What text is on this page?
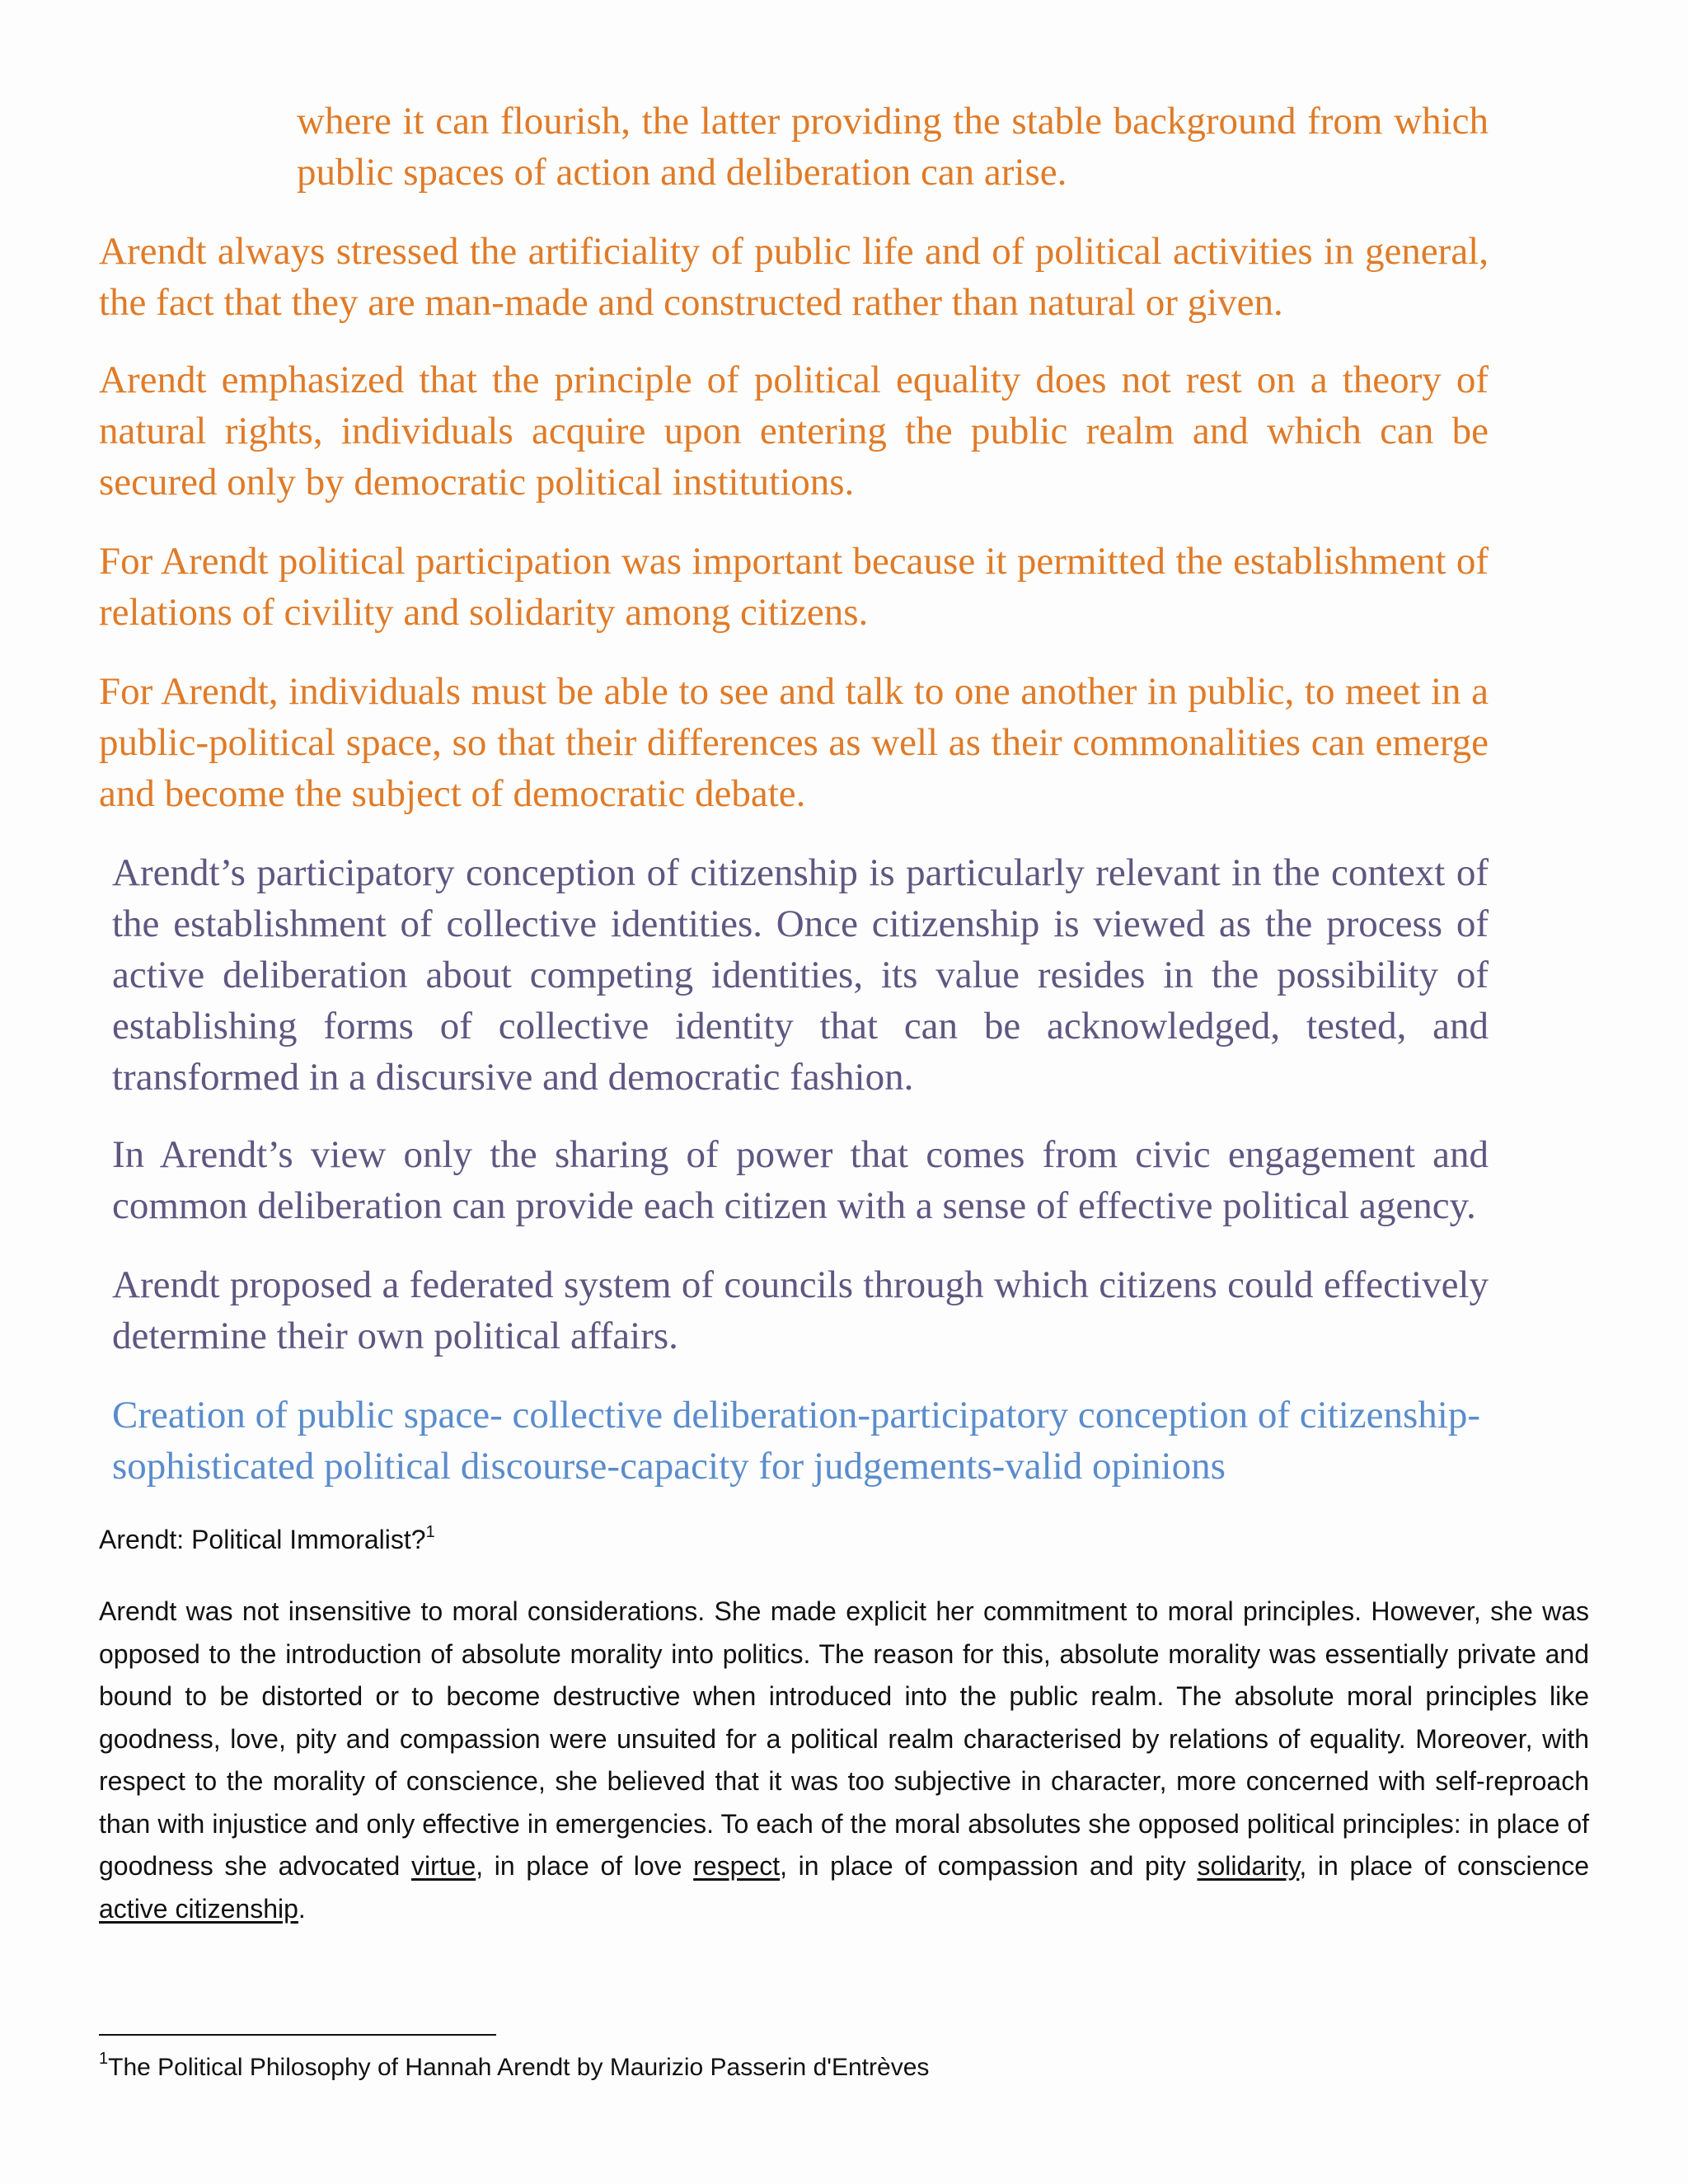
where it can flourish, the latter providing the stable background from which public spaces of action and deliberation can arise.

Arendt always stressed the artificiality of public life and of political activities in general, the fact that they are man-made and constructed rather than natural or given.

Arendt emphasized that the principle of political equality does not rest on a theory of natural rights, individuals acquire upon entering the public realm and which can be secured only by democratic political institutions.

For Arendt political participation was important because it permitted the establishment of relations of civility and solidarity among citizens.

For Arendt, individuals must be able to see and talk to one another in public, to meet in a public-political space, so that their differences as well as their commonalities can emerge and become the subject of democratic debate.

Arendt’s participatory conception of citizenship is particularly relevant in the context of the establishment of collective identities. Once citizenship is viewed as the process of active deliberation about competing identities, its value resides in the possibility of establishing forms of collective identity that can be acknowledged, tested, and transformed in a discursive and democratic fashion.

In Arendt’s view only the sharing of power that comes from civic engagement and common deliberation can provide each citizen with a sense of effective political agency.

Arendt proposed a federated system of councils through which citizens could effectively determine their own political affairs.

Creation of public space- collective deliberation-participatory conception of citizenship-sophisticated political discourse-capacity for judgements-valid opinions

Arendt: Political Immoralist?$^1$

Arendt was not insensitive to moral considerations. She made explicit her commitment to moral principles. However, she was opposed to the introduction of absolute morality into politics. The reason for this, absolute morality was essentially private and bound to be distorted or to become destructive when introduced into the public realm. The absolute moral principles like goodness, love, pity and compassion were unsuited for a political realm characterised by relations of equality. Moreover, with respect to the morality of conscience, she believed that it was too subjective in character, more concerned with self-reproach than with injustice and only effective in emergencies. To each of the moral absolutes she opposed political principles: in place of goodness she advocated virtue, in place of love respect, in place of compassion and pity solidarity, in place of conscience active citizenship.

$^1$The Political Philosophy of Hannah Arendt by Maurizio Passerin d'Entrèves
